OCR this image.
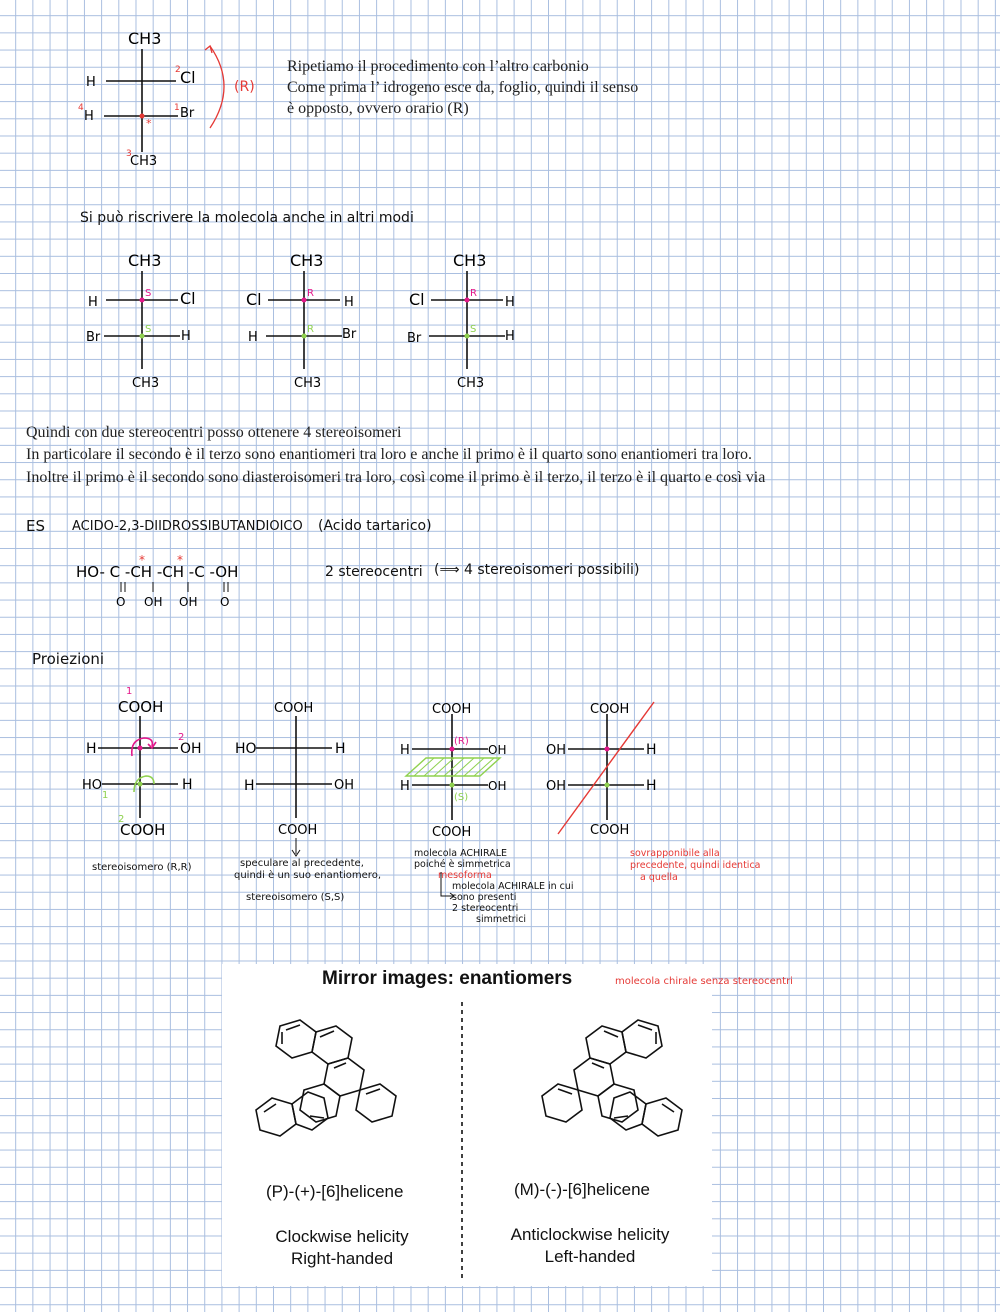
CH3
CH3
H	Cl
H	Br
1
2
3
4
*
(R)
Ripetiamo il procedimento con l’altro carbonio
Come prima l’ idrogeno esce da, foglio, quindi il senso
è opposto, ovvero orario (R)
Si può riscrivere la molecola anche in altri modi
CH3
CH3
H	Cl
Br	H
S
S
CH3
CH3
Cl	H
H	Br
R
R
CH3
CH3
Cl	H
Br	H
R
S
Quindi con due stereocentri posso ottenere 4 stereoisomeri
In particolare il secondo è il terzo sono enantiomeri tra loro e anche il primo è il quarto sono enantiomeri tra loro.
Inoltre il primo è il secondo sono diasteroisomeri tra loro, così come il primo è il terzo, il terzo è il quarto e così via
ES ACIDO-2,3-DIIDROSSIBUTANDIOICO (Acido tartarico)
HO- C -CH -CH -C -OH
*	*
O OH OH O
2 stereocentri (⟹ 4 stereoisomeri possibili)
Proiezioni
1
COOH
COOH
H	OH
HO	H
2
1
2
stereoisomero (R,R)
COOH
COOH
HO	H
H	OH
speculare al precedente,
quindi è un suo enantiomero,
stereoisomero (S,S)
COOH
COOH
H	OH
H	OH
(R)
(S)
molecola ACHIRALE
poiché è simmetrica
mesoforma
molecola ACHIRALE in cui
sono presenti
2 stereocentri
simmetrici
COOH
COOH
OH	H
OH	H
sovrapponibile alla
precedente, quindi identica
a quella
Mirror images: enantiomers
(P)-(+)-[6]helicene
Clockwise helicity
Right-handed
(M)-(-)-[6]helicene
Anticlockwise helicity
Left-handed
molecola chirale senza stereocentri
